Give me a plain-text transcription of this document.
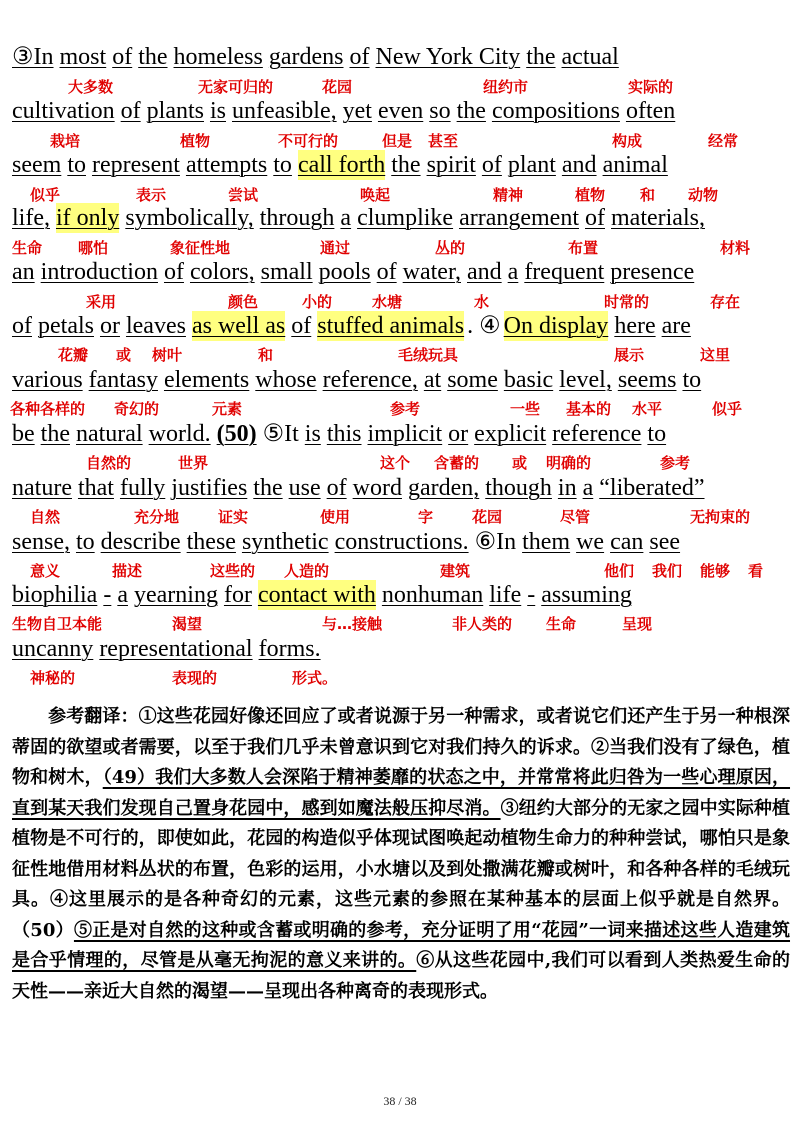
③In most of the homeless gardens of New York City the actual
cultivation of plants is unfeasible, yet even so the compositions often
seem to represent attempts to call forth the spirit of plant and animal
life, if only symbolically, through a clumplike arrangement of materials,
an introduction of colors, small pools of water, and a frequent presence
of petals or leaves as well as of stuffed animals . ④ On display here are
various fantasy elements whose reference, at some basic level, seems to
be the natural world. (50) ⑤It is this implicit or explicit reference to
nature that fully justifies the use of word garden, though in a “liberated”
sense, to describe these synthetic constructions. ⑥In them we can see
biophilia - a yearning for contact with nonhuman life - assuming
uncanny representational forms.
大多数	无家可归的	花园	纽约市	实际的
栽培	植物	不可行的	但是 甚至	构成	经常
似乎	表示	尝试	唤起	精神	植物 和 动物
生命 哪怕	象征性地	通过	丛的	布置	材料
采用	颜色	小的	水塘	水	时常的	存在
花瓣 或 树叶	和	毛绒玩具	展示	这里
各种各样的 奇幻的	元素	参考	一些 基本的 水平	似乎
自然的	世界	这个 含蓄的 或 明确的	参考
自然	充分地	证实	使用	字	花园	尽管	无拘束的
意义	描述	这些的 人造的	建筑	他们 我们 能够 看
生物自卫本能	渴望	与…接触	非人类的 生命	呈现
神秘的	表现的	形式。
参考翻译：①这些花园好像还回应了或者说源于另一种需求，或者说它们还产生于另一种根深蒂固的欲望或者需要，以至于我们几乎未曾意识到它对我们持久的诉求。②当我们没有了绿色，植物和树木，（49）我们大多数人会深陷于精神萎靡的状态之中，并常常将此归咎为一些心理原因，直到某天我们发现自己置身花园中，感到如魔法般压抑尽消。③纽约大部分的无家之园中实际种植植物是不可行的，即使如此，花园的构造似乎体现试图唤起动植物生命力的种种尝试，哪怕只是象征性地借用材料丛状的布置，色彩的运用，小水塘以及到处撒满花瓣或树叶，和各种各样的毛绒玩具。④这里展示的是各种奇幻的元素，这些元素的参照在某种基本的层面上似乎就是自然界。（50）⑤正是对自然的这种或含蓄或明确的参考，充分证明了用“花园”一词来描述这些人造建筑是合乎情理的，尽管是从毫无拘泥的意义来讲的。⑥从这些花园中,我们可以看到人类热爱生命的天性——亲近大自然的渴望——呈现出各种离奇的表现形式。
38 / 38
